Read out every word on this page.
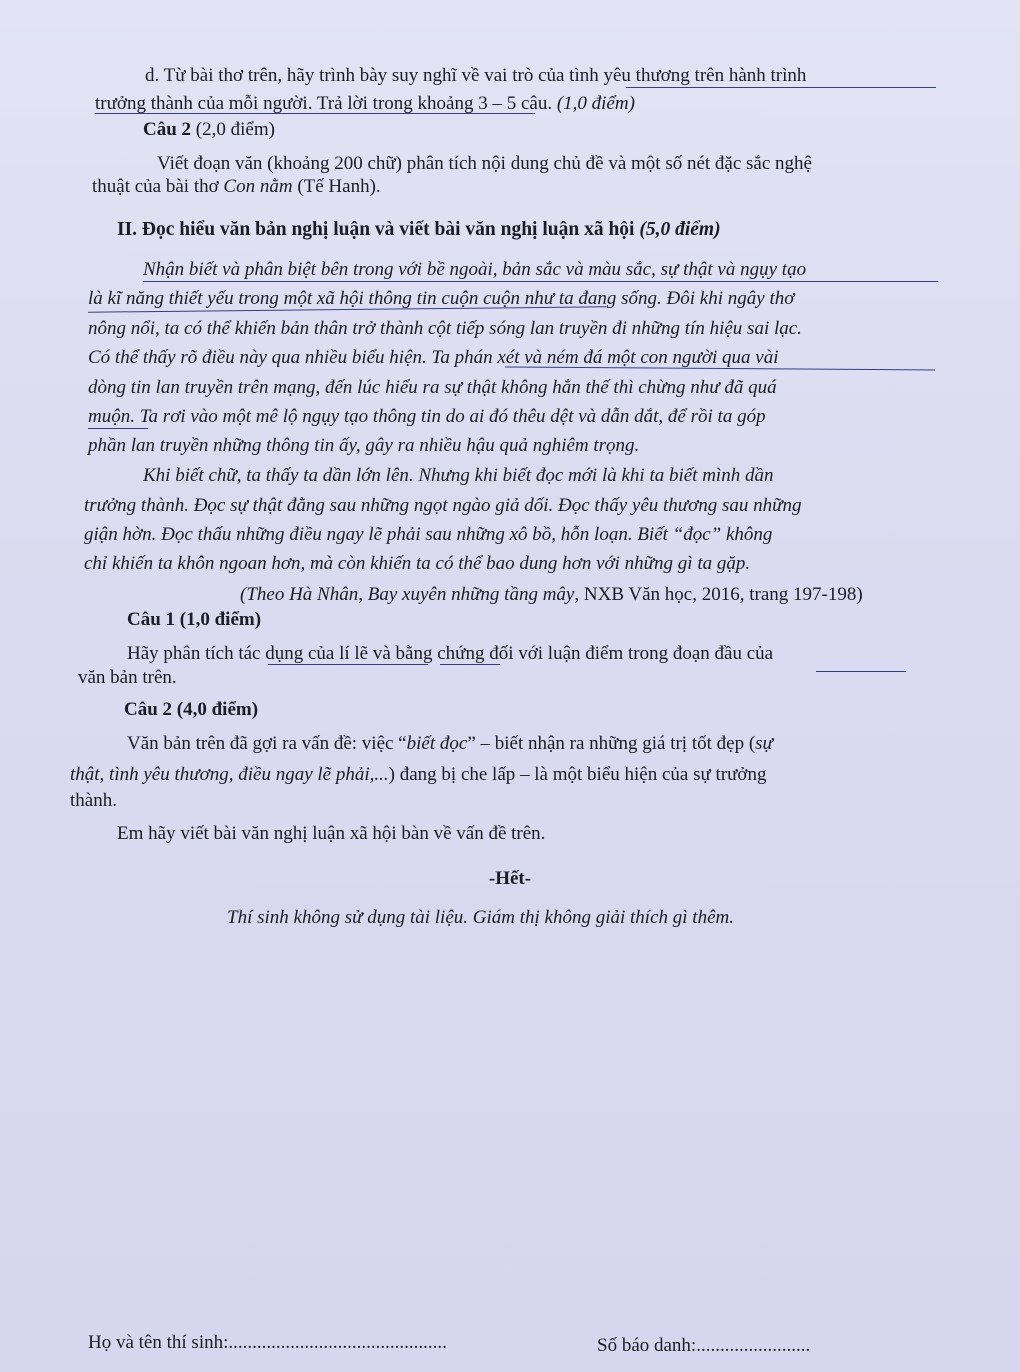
d. Từ bài thơ trên, hãy trình bày suy nghĩ về vai trò của tình yêu thương trên hành trình

trưởng thành của mỗi người. Trả lời trong khoảng 3 – 5 câu. (1,0 điểm)

Câu 2 (2,0 điểm)

Viết đoạn văn (khoảng 200 chữ) phân tích nội dung chủ đề và một số nét đặc sắc nghệ

thuật của bài thơ Con nằm (Tế Hanh).

II. Đọc hiểu văn bản nghị luận và viết bài văn nghị luận xã hội (5,0 điểm)

Nhận biết và phân biệt bên trong với bề ngoài, bản sắc và màu sắc, sự thật và ngụy tạo

là kĩ năng thiết yếu trong một xã hội thông tin cuộn cuộn như ta đang sống. Đôi khi ngây thơ

nông nổi, ta có thể khiến bản thân trở thành cột tiếp sóng lan truyền đi những tín hiệu sai lạc.

Có thể thấy rõ điều này qua nhiều biểu hiện. Ta phán xét và ném đá một con người qua vài

dòng tin lan truyền trên mạng, đến lúc hiểu ra sự thật không hẳn thế thì chừng như đã quá

muộn. Ta rơi vào một mê lộ ngụy tạo thông tin do ai đó thêu dệt và dẫn dắt, để rồi ta góp

phần lan truyền những thông tin ấy, gây ra nhiều hậu quả nghiêm trọng.

Khi biết chữ, ta thấy ta dần lớn lên. Nhưng khi biết đọc mới là khi ta biết mình dần

trưởng thành. Đọc sự thật đằng sau những ngọt ngào giả dối. Đọc thấy yêu thương sau những

giận hờn. Đọc thấu những điều ngay lẽ phải sau những xô bồ, hỗn loạn. Biết “đọc” không

chỉ khiến ta khôn ngoan hơn, mà còn khiến ta có thể bao dung hơn với những gì ta gặp.

(Theo Hà Nhân, Bay xuyên những tầng mây, NXB Văn học, 2016, trang 197-198)

Câu 1 (1,0 điểm)

Hãy phân tích tác dụng của lí lẽ và bằng chứng đối với luận điểm trong đoạn đầu của

văn bản trên.

Câu 2 (4,0 điểm)

Văn bản trên đã gợi ra vấn đề: việc “biết đọc” – biết nhận ra những giá trị tốt đẹp (sự

thật, tình yêu thương, điều ngay lẽ phải,...) đang bị che lấp – là một biểu hiện của sự trưởng

thành.

Em hãy viết bài văn nghị luận xã hội bàn về vấn đề trên.

-Hết-

Thí sinh không sử dụng tài liệu. Giám thị không giải thích gì thêm.

Họ và tên thí sinh:..............................................	Số báo danh:........................
